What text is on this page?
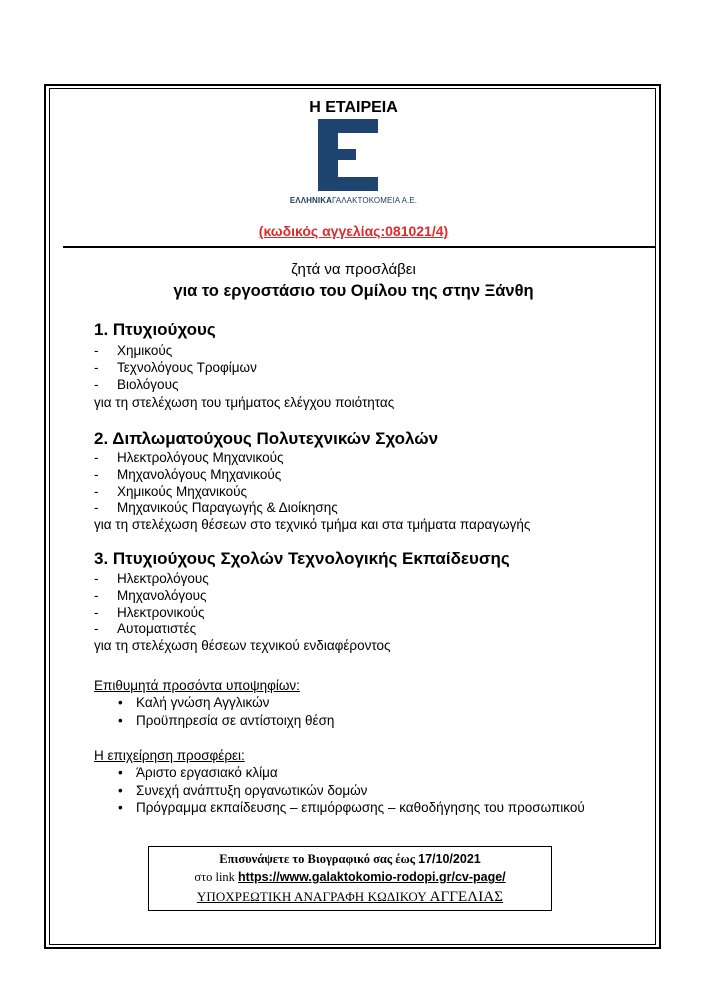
Η ΕΤΑΙΡΕΙΑ
ΕΛΛΗΝΙΚΑΓΑΛΑΚΤΟΚΟΜΕΙΑ Α.Ε.
(κωδικός αγγελίας:081021/4)
ζητά να προσλάβει
για το εργοστάσιο του Ομίλου της στην Ξάνθη
1. Πτυχιούχους
- Χημικούς
- Τεχνολόγους Τροφίμων
- Βιολόγους
για τη στελέχωση του τμήματος ελέγχου ποιότητας
2. Διπλωματούχους Πολυτεχνικών Σχολών
- Ηλεκτρολόγους Μηχανικούς
- Μηχανολόγους Μηχανικούς
- Χημικούς Μηχανικούς
- Μηχανικούς Παραγωγής & Διοίκησης
για τη στελέχωση θέσεων στο τεχνικό τμήμα και στα τμήματα παραγωγής
3. Πτυχιούχους Σχολών Τεχνολογικής Εκπαίδευσης
- Ηλεκτρολόγους
- Μηχανολόγους
- Ηλεκτρονικούς
- Αυτοματιστές
για τη στελέχωση θέσεων τεχνικού ενδιαφέροντος
Επιθυμητά προσόντα υποψηφίων:
• Καλή γνώση Αγγλικών
• Προϋπηρεσία σε αντίστοιχη θέση
Η επιχείρηση προσφέρει:
• Άριστο εργασιακό κλίμα
• Συνεχή ανάπτυξη οργανωτικών δομών
• Πρόγραμμα εκπαίδευσης – επιμόρφωσης – καθοδήγησης του προσωπικού
Επισυνάψετε το Βιογραφικό σας έως 17/10/2021
στο link https://www.galaktokomio-rodopi.gr/cv-page/
ΥΠΟΧΡΕΩΤΙΚΗ ΑΝΑΓΡΑΦΗ ΚΩΔΙΚΟΥ ΑΓΓΕΛΙΑΣ
